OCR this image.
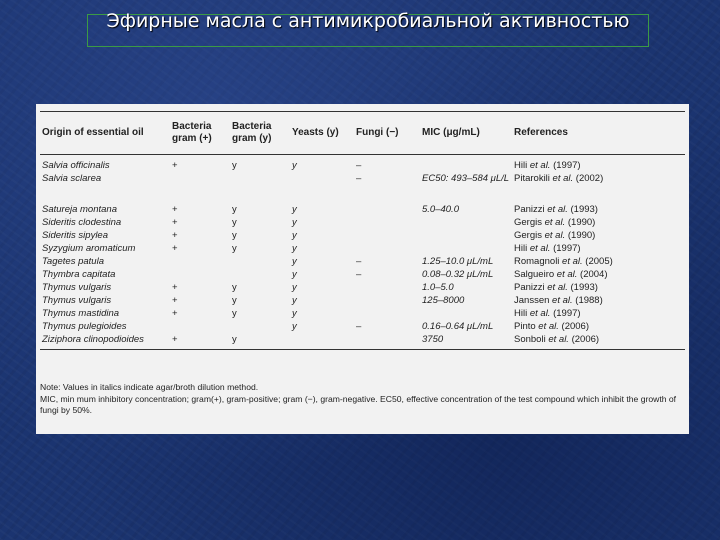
Эфирные масла с антимикробиальной активностью
Origin of essential oil	Bacteria gram (+)	Bacteria gram (y)	Yeasts (y)	Fungi (−)	MIC (μg/mL)	References
Salvia officinalis	+	y	y	–		Hili et al. (1997)
Salvia sclarea				–	EC50: 493–584 μL/L	Pitarokili et al. (2002)
Satureja montana	+	y	y		5.0–40.0	Panizzi et al. (1993)
Sideritis clodestina	+	y	y			Gergis et al. (1990)
Sideritis sipylea	+	y	y			Gergis et al. (1990)
Syzygium aromaticum	+	y	y			Hili et al. (1997)
Tagetes patula			y	–	1.25–10.0 μL/mL	Romagnoli et al. (2005)
Thymbra capitata			y	–	0.08–0.32 μL/mL	Salgueiro et al. (2004)
Thymus vulgaris	+	y	y		1.0–5.0	Panizzi et al. (1993)
Thymus vulgaris	+	y	y		125–8000	Janssen et al. (1988)
Thymus mastidina	+	y	y			Hili et al. (1997)
Thymus pulegioides			y	–	0.16–0.64 μL/mL	Pinto et al. (2006)
Ziziphora clinopodioides	+	y			3750	Sonboli et al. (2006)

Note: Values in italics indicate agar/broth dilution method.

MIC, min mum inhibitory concentration; gram(+), gram-positive; gram (−), gram-negative. EC50, effective concentration of the test compound which inhibit the growth of fungi by 50%.
